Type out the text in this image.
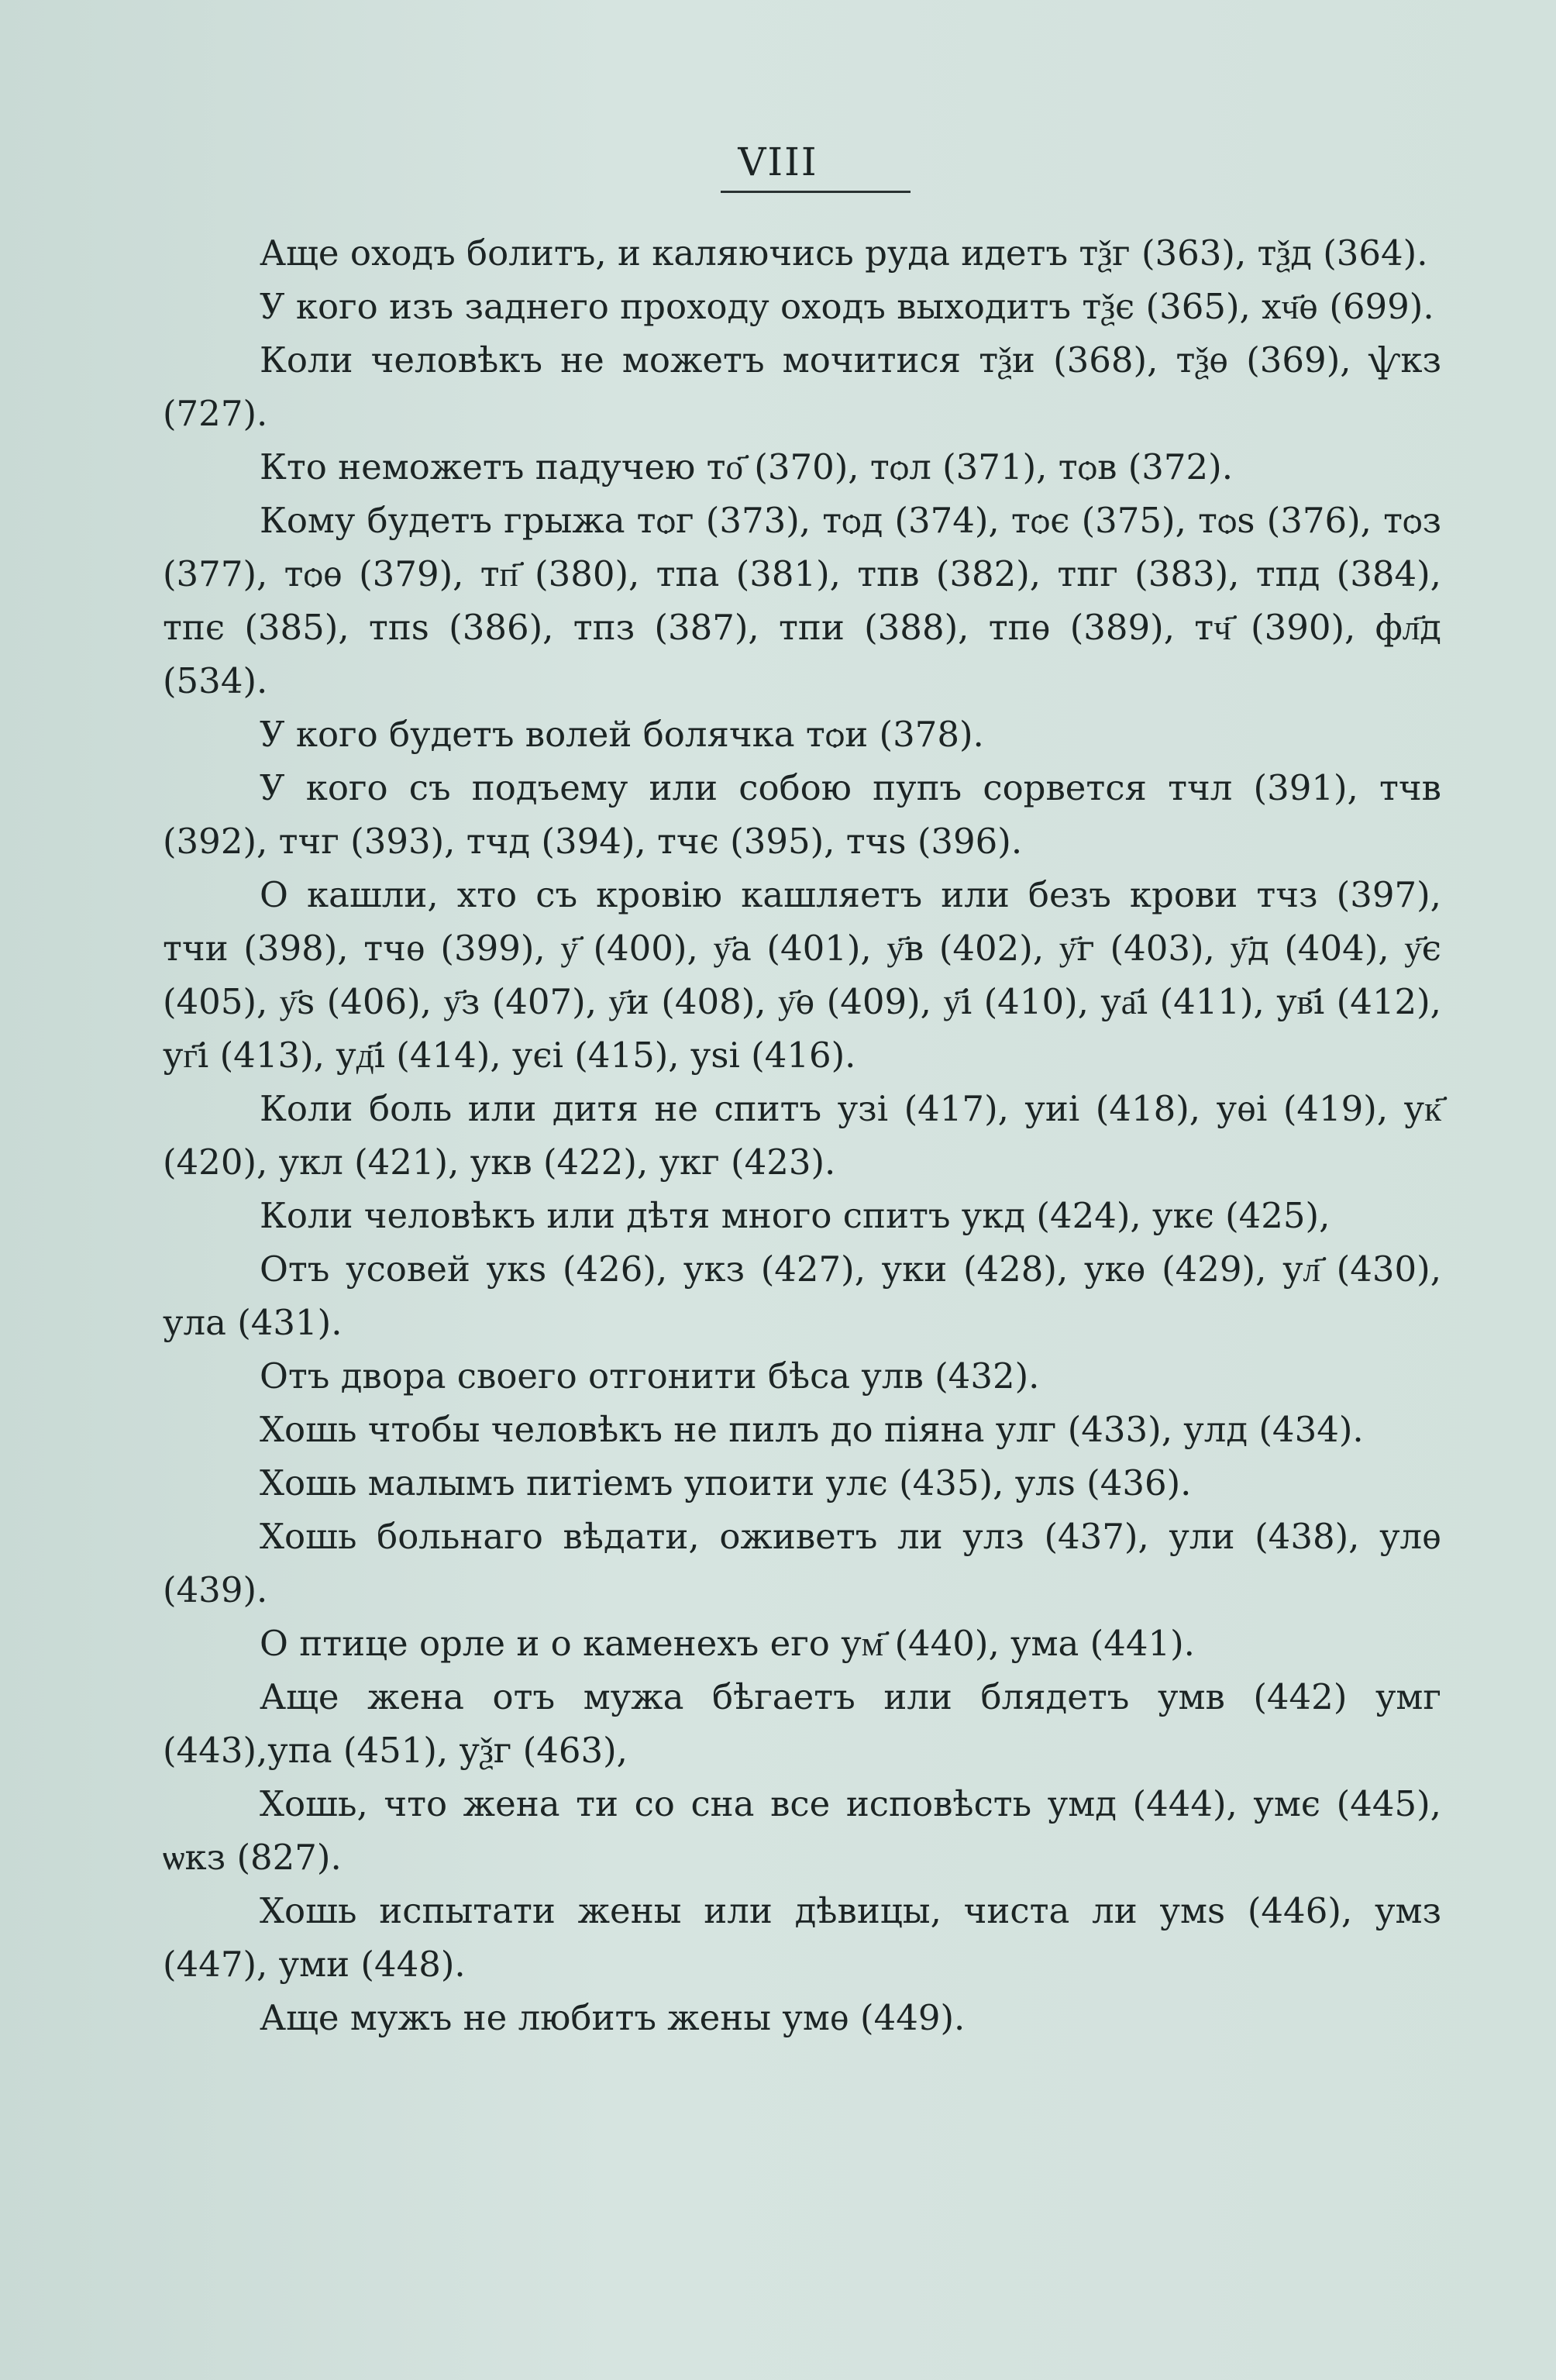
VIII

Аще оходъ болитъ, и каляючись руда идетъ тѯг (363), тѯд (364).

У кого изъ заднего проходу оходъ выходитъ тѯє (365), хч҃ѳ (699).

Коли человѣкъ не можетъ мочитися тѯи (368), тѯѳ (369), ѱкз (727).

Кто неможетъ падучею то҃ (370), тѻл (371), тѻв (372).

Кому будетъ грыжа тѻг (373), тѻд (374), тѻє (375), тѻѕ (376), тѻз (377), тѻѳ (379), тп҃ (380), тпа (381), тпв (382), тпг (383), тпд (384), тпє (385), тпѕ (386), тпз (387), тпи (388), тпѳ (389), тч҃ (390), фл҃д (534).

У кого будетъ волей болячка тѻи (378).

У кого съ подъему или собою пупъ сорвется тчл (391), тчв (392), тчг (393), тчд (394), тчє (395), тчѕ (396).

О кашли, хто съ кровію кашляетъ или безъ крови тчз (397), тчи (398), тчѳ (399), у҃ (400), у҃а (401), у҃в (402), у҃г (403), у҃д (404), у҃є (405), у҃ѕ (406), у҃з (407), у҃и (408), у҃ѳ (409), у҃і (410), уа҃і (411), ув҃і (412), уг҃і (413), уд҃і (414), уєі (415), уѕі (416).

Коли боль или дитя не спитъ узі (417), уиі (418), уѳі (419), ук҃ (420), укл (421), укв (422), укг (423).

Коли человѣкъ или дѣтя много спитъ укд (424), укє (425),

Отъ усовей укѕ (426), укз (427), уки (428), укѳ (429), ул҃ (430), ула (431).

Отъ двора своего отгонити бѣса улв (432).

Хошь чтобы человѣкъ не пилъ до піяна улг (433), улд (434).

Хошь малымъ питіемъ упоити улє (435), улѕ (436).

Хошь больнаго вѣдати, оживетъ ли улз (437), ули (438), улѳ (439).

О птице орле и о каменехъ его ум҃ (440), ума (441).

Аще жена отъ мужа бѣгаетъ или блядетъ умв (442) умг (443),упа (451), уѯг (463),

Хошь, что жена ти со сна все исповѣсть умд (444), умє (445), ѡкз (827).

Хошь испытати жены или дѣвицы, чиста ли умѕ (446), умз (447), уми (448).

Аще мужъ не любитъ жены умѳ (449).
